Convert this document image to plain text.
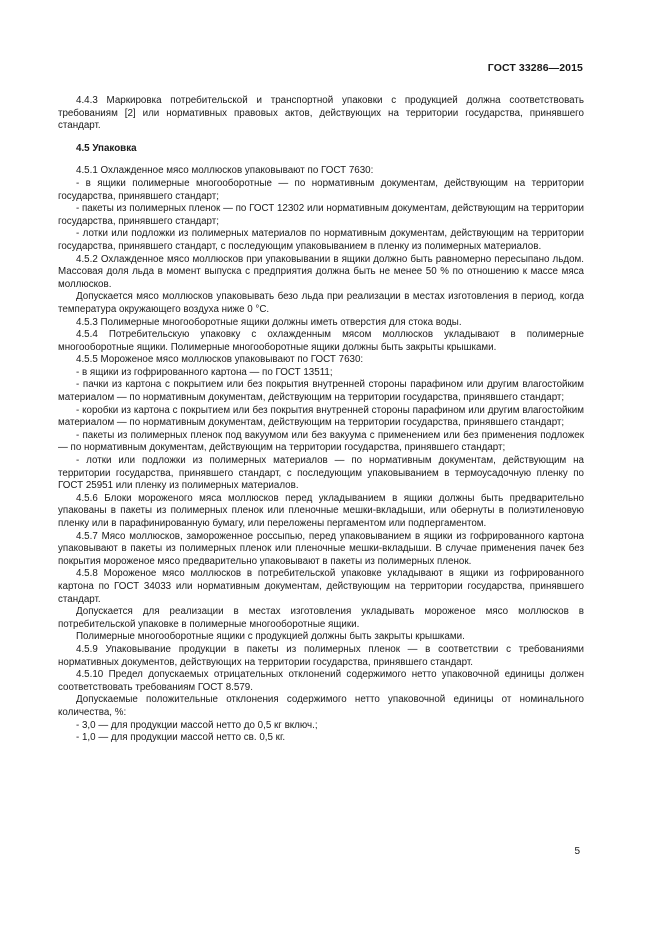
ГОСТ 33286—2015

4.4.3 Маркировка потребительской и транспортной упаковки с продукцией должна соответствовать требованиям [2] или нормативных правовых актов, действующих на территории государства, принявшего стандарт.

4.5 Упаковка

4.5.1 Охлажденное мясо моллюсков упаковывают по ГОСТ 7630:

- в ящики полимерные многооборотные — по нормативным документам, действующим на территории государства, принявшего стандарт;

- пакеты из полимерных пленок — по ГОСТ 12302 или нормативным документам, действующим на территории государства, принявшего стандарт;

- лотки или подложки из полимерных материалов по нормативным документам, действующим на территории государства, принявшего стандарт, с последующим упаковыванием в пленку из полимерных материалов.

4.5.2 Охлажденное мясо моллюсков при упаковывании в ящики должно быть равномерно пересыпано льдом. Массовая доля льда в момент выпуска с предприятия должна быть не менее 50 % по отношению к массе мяса моллюсков.

Допускается мясо моллюсков упаковывать безо льда при реализации в местах изготовления в период, когда температура окружающего воздуха ниже 0 °С.

4.5.3 Полимерные многооборотные ящики должны иметь отверстия для стока воды.

4.5.4 Потребительскую упаковку с охлажденным мясом моллюсков укладывают в полимерные многооборотные ящики. Полимерные многооборотные ящики должны быть закрыты крышками.

4.5.5 Мороженое мясо моллюсков упаковывают по ГОСТ 7630:

- в ящики из гофрированного картона — по ГОСТ 13511;

- пачки из картона с покрытием или без покрытия внутренней стороны парафином или другим влагостойким материалом — по нормативным документам, действующим на территории государства, принявшего стандарт;

- коробки из картона с покрытием или без покрытия внутренней стороны парафином или другим влагостойким материалом — по нормативным документам, действующим на территории государства, принявшего стандарт;

- пакеты из полимерных пленок под вакуумом или без вакуума с применением или без применения подложек — по нормативным документам, действующим на территории государства, принявшего стандарт;

- лотки или подложки из полимерных материалов — по нормативным документам, действующим на территории государства, принявшего стандарт, с последующим упаковыванием в термоусадочную пленку по ГОСТ 25951 или пленку из полимерных материалов.

4.5.6 Блоки мороженого мяса моллюсков перед укладыванием в ящики должны быть предварительно упакованы в пакеты из полимерных пленок или пленочные мешки-вкладыши, или обернуты в полиэтиленовую пленку или в парафинированную бумагу, или переложены пергаментом или подпергаментом.

4.5.7 Мясо моллюсков, замороженное россыпью, перед упаковыванием в ящики из гофрированного картона упаковывают в пакеты из полимерных пленок или пленочные мешки-вкладыши. В случае применения пачек без покрытия мороженое мясо предварительно упаковывают в пакеты из полимерных пленок.

4.5.8 Мороженое мясо моллюсков в потребительской упаковке укладывают в ящики из гофрированного картона по ГОСТ 34033 или нормативным документам, действующим на территории государства, принявшего стандарт.

Допускается для реализации в местах изготовления укладывать мороженое мясо моллюсков в потребительской упаковке в полимерные многооборотные ящики.

Полимерные многооборотные ящики с продукцией должны быть закрыты крышками.

4.5.9 Упаковывание продукции в пакеты из полимерных пленок — в соответствии с требованиями нормативных документов, действующих на территории государства, принявшего стандарт.

4.5.10 Предел допускаемых отрицательных отклонений содержимого нетто упаковочной единицы должен соответствовать требованиям ГОСТ 8.579.

Допускаемые положительные отклонения содержимого нетто упаковочной единицы от номинального количества, %:

- 3,0 — для продукции массой нетто до 0,5 кг включ.;

- 1,0 — для продукции массой нетто св. 0,5 кг.

5
